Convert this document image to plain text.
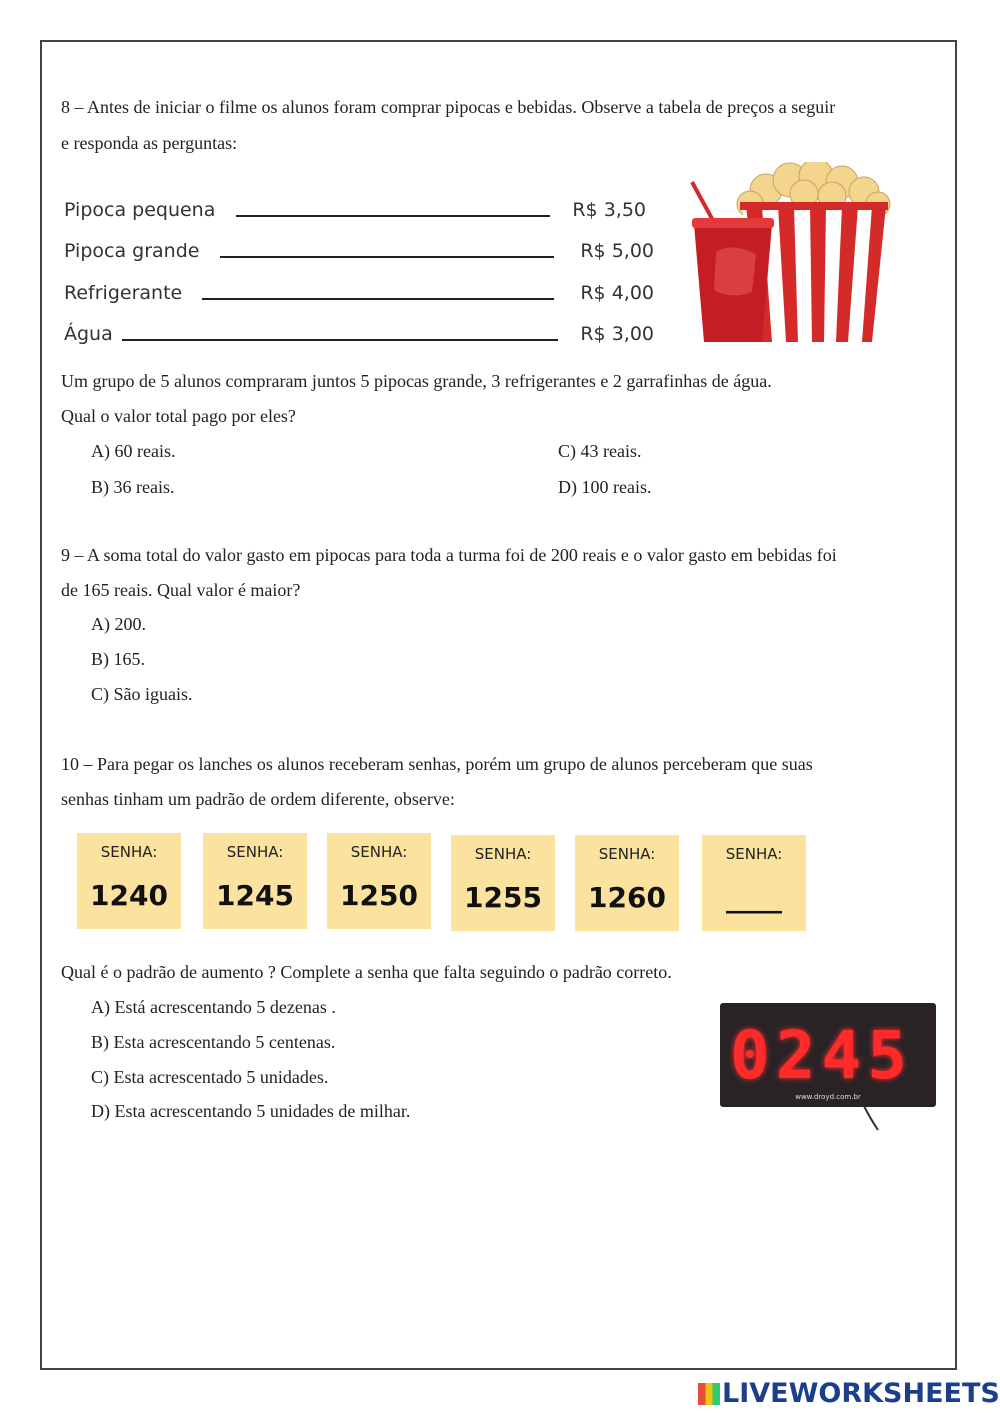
8 – Antes de iniciar o filme os alunos foram comprar pipocas e bebidas. Observe a tabela de preços a seguir
e responda as perguntas:
Pipoca pequena	R$ 3,50
Pipoca grande	R$ 5,00
Refrigerante	R$ 4,00
Água	R$ 3,00
Um grupo de 5 alunos compraram juntos 5 pipocas grande, 3 refrigerantes e 2 garrafinhas de água.
Qual o valor total pago por eles?
A) 60 reais.	C) 43 reais.
B) 36 reais.	D) 100 reais.
9 – A soma total do valor gasto em pipocas para toda a turma foi de 200 reais e o valor gasto em bebidas foi
de 165 reais. Qual valor é maior?
A) 200.
B) 165.
C) São iguais.
10 – Para pegar os lanches os alunos receberam senhas, porém um grupo de alunos perceberam que suas
senhas tinham um padrão de ordem diferente, observe:
SENHA:
1240
SENHA:
1245
SENHA:
1250
SENHA:
1255
SENHA:
1260
SENHA:
____
Qual é o padrão de aumento ? Complete a senha que falta seguindo o padrão correto.
A) Está acrescentando 5 dezenas .
B) Esta acrescentando 5 centenas.
C) Esta acrescentado 5 unidades.
D) Esta acrescentando 5 unidades de milhar.
0245
www.droyd.com.br
LIVEWORKSHEETS
